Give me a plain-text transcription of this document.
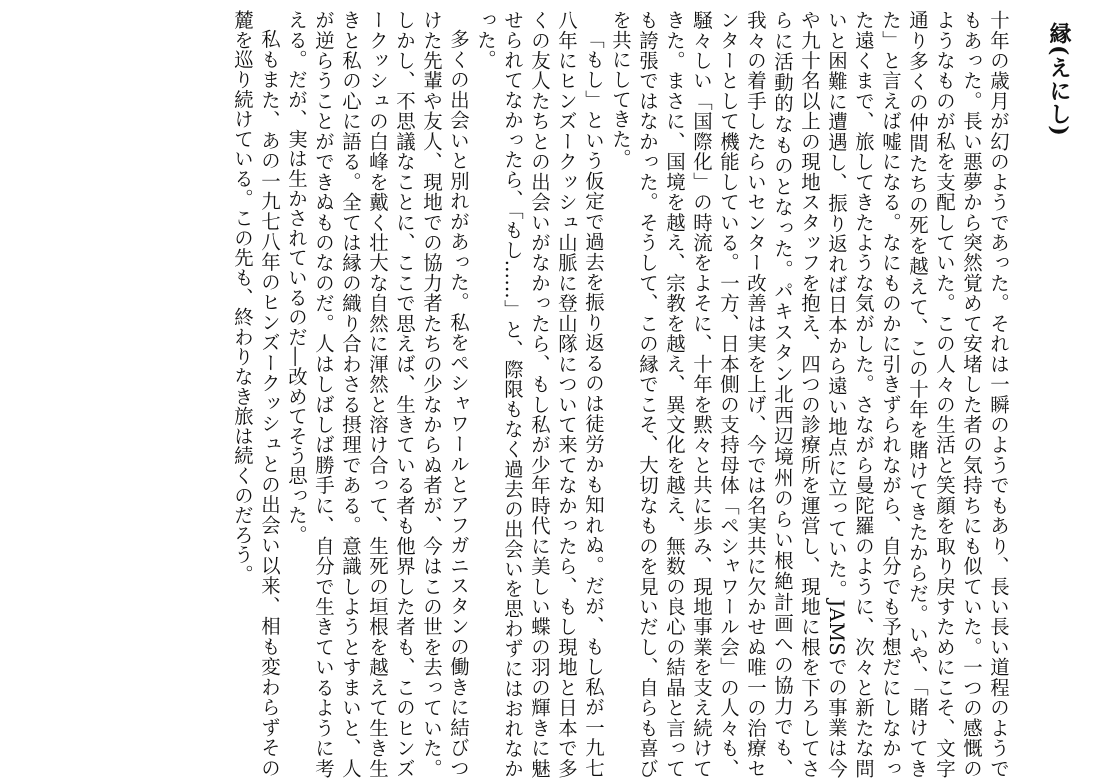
縁(えにし)

十年の歳月が幻のようであった。それは一瞬のようでもあり、長い長い道程のようでもあった。長い悪夢から突然覚めて安堵した者の気持ちにも似ていた。一つの感慨のようなものが私を支配していた。この人々の生活と笑顔を取り戻すためにこそ、文字通り多くの仲間たちの死を越えて、この十年を賭けてきたからだ。いや、「賭けてきた」と言えば嘘になる。なにものかに引きずられながら、自分でも予想だにしなかった遠くまで、旅してきたような気がした。さながら曼陀羅のように、次々と新たな問いと困難に遭遇し、振り返れば日本から遠い地点に立っていた。JAMSでの事業は今や九十名以上の現地スタッフを抱え、四つの診療所を運営し、現地に根を下ろしてさらに活動的なものとなった。パキスタン北西辺境州のらい根絶計画への協力でも、我々の着手したらいセンター改善は実を上げ、今では名実共に欠かせぬ唯一の治療センターとして機能している。一方、日本側の支持母体「ペシャワール会」の人々も、騒々しい「国際化」の時流をよそに、十年を黙々と共に歩み、現地事業を支え続けてきた。まさに、国境を越え、宗教を越え、異文化を越え、無数の良心の結晶と言っても誇張ではなかった。そうして、この縁でこそ、大切なものを見いだし、自らも喜びを共にしてきた。

「もし」という仮定で過去を振り返るのは徒労かも知れぬ。だが、もし私が一九七八年にヒンズークッシュ山脈に登山隊について来てなかったら、もし現地と日本で多くの友人たちとの出会いがなかったら、もし私が少年時代に美しい蝶の羽の輝きに魅せられてなかったら、「もし……」と、際限もなく過去の出会いを思わずにはおれなかった。

多くの出会いと別れがあった。私をペシャワールとアフガニスタンの働きに結びつけた先輩や友人、現地での協力者たちの少なからぬ者が、今はこの世を去っていた。しかし、不思議なことに、ここで思えば、生きている者も他界した者も、このヒンズークッシュの白峰を戴く壮大な自然に渾然と溶け合って、生死の垣根を越えて生き生きと私の心に語る。全ては縁の織り合わさる摂理である。意識しようとすまいと、人が逆らうことができぬものなのだ。人はしばしば勝手に、自分で生きているように考える。だが、実は生かされているのだ―改めてそう思った。

私もまた、あの一九七八年のヒンズークッシュとの出会い以来、相も変わらずその麓を巡り続けている。この先も、終わりなき旅は続くのだろう。
